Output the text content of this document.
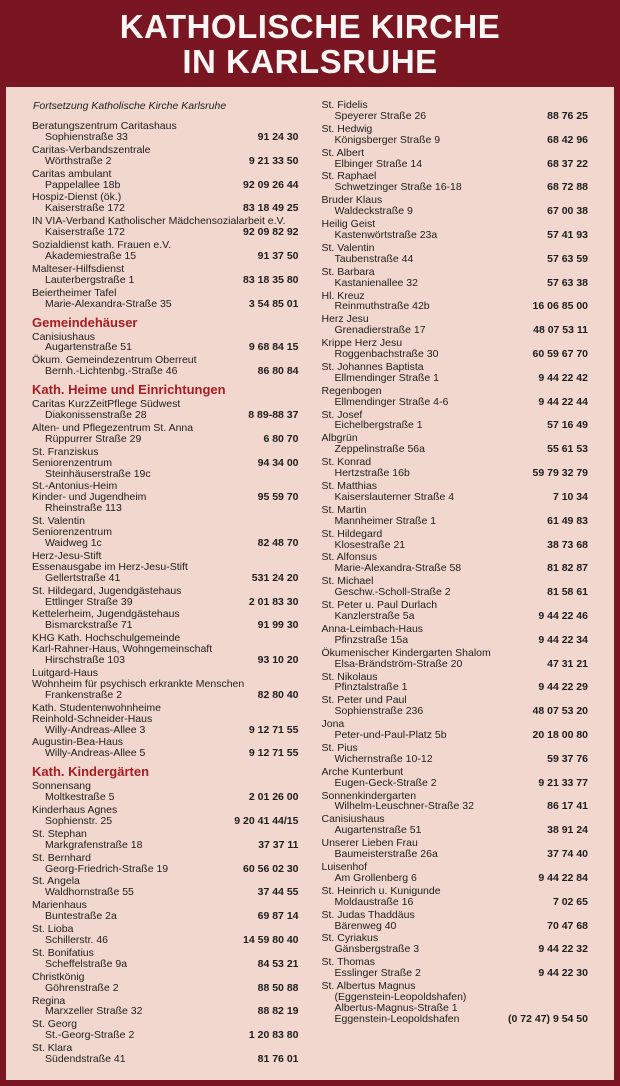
KATHOLISCHE KIRCHE
IN KARLSRUHE

Fortsetzung Katholische Kirche Karlsruhe

Beratungszentrum Caritashaus
Sophienstraße 33	91 24 30
Caritas-Verbandszentrale
Wörthstraße 2	9 21 33 50
Caritas ambulant
Pappelallee 18b	92 09 26 44
Hospiz-Dienst (ök.)
Kaiserstraße 172	83 18 49 25
IN VIA-Verband Katholischer Mädchensozialarbeit e.V.
Kaiserstraße 172	92 09 82 92
Sozialdienst kath. Frauen e.V.
Akademiestraße 15	91 37 50
Malteser-Hilfsdienst
Lauterbergstraße 1	83 18 35 80
Beiertheimer Tafel
Marie-Alexandra-Straße 35	3 54 85 01
Gemeindehäuser
Canisiushaus
Augartenstraße 51	9 68 84 15
Ökum. Gemeindezentrum Oberreut
Bernh.-Lichtenbg.-Straße 46	86 80 84
Kath. Heime und Einrichtungen
Caritas KurzZeitPflege Südwest
Diakonissenstraße 28	8 89-88 37
Alten- und Pflegezentrum St. Anna
Rüppurrer Straße 29	6 80 70
St. Franziskus
Seniorenzentrum	94 34 00
Steinhäuserstraße 19c
St.-Antonius-Heim
Kinder- und Jugendheim	95 59 70
Rheinstraße 113
St. Valentin
Seniorenzentrum
Waidweg 1c	82 48 70
Herz-Jesu-Stift
Essenausgabe im Herz-Jesu-Stift
Gellertstraße 41	531 24 20
St. Hildegard, Jugendgästehaus
Ettlinger Straße 39	2 01 83 30
Kettelerheim, Jugendgästehaus
Bismarckstraße 71	91 99 30
KHG Kath. Hochschulgemeinde
Karl-Rahner-Haus, Wohngemeinschaft
Hirschstraße 103	93 10 20
Luitgard-Haus
Wohnheim für psychisch erkrankte Menschen
Frankenstraße 2	82 80 40
Kath. Studentenwohnheime
Reinhold-Schneider-Haus
Willy-Andreas-Allee 3	9 12 71 55
Augustin-Bea-Haus
Willy-Andreas-Allee 5	9 12 71 55
Kath. Kindergärten
Sonnensang
Moltkestraße 5	2 01 26 00
Kinderhaus Agnes
Sophienstr. 25	9 20 41 44/15
St. Stephan
Markgrafenstraße 18	37 37 11
St. Bernhard
Georg-Friedrich-Straße 19	60 56 02 30
St. Angela
Waldhornstraße 55	37 44 55
Marienhaus
Buntestraße 2a	69 87 14
St. Lioba
Schillerstr. 46	14 59 80 40
St. Bonifatius
Scheffelstraße 9a	84 53 21
Christkönig
Göhrenstraße 2	88 50 88
Regina
Marxzeller Straße 32	88 82 19
St. Georg
St.-Georg-Straße 2	1 20 83 80
St. Klara
Südendstraße 41	81 76 01
St. Fidelis
Speyerer Straße 26	88 76 25
St. Hedwig
Königsberger Straße 9	68 42 96
St. Albert
Elbinger Straße 14	68 37 22
St. Raphael
Schwetzinger Straße 16-18	68 72 88
Bruder Klaus
Waldeckstraße 9	67 00 38
Heilig Geist
Kastenwörtstraße 23a	57 41 93
St. Valentin
Taubenstraße 44	57 63 59
St. Barbara
Kastanienallee 32	57 63 38
Hl. Kreuz
Reinmuthstraße 42b	16 06 85 00
Herz Jesu
Grenadierstraße 17	48 07 53 11
Krippe Herz Jesu
Roggenbachstraße 30	60 59 67 70
St. Johannes Baptista
Ellmendinger Straße 1	9 44 22 42
Regenbogen
Ellmendinger Straße 4-6	9 44 22 44
St. Josef
Eichelbergstraße 1	57 16 49
Albgrün
Zeppelinstraße 56a	55 61 53
St. Konrad
Hertzstraße 16b	59 79 32 79
St. Matthias
Kaiserslauterner Straße 4	7 10 34
St. Martin
Mannheimer Straße 1	61 49 83
St. Hildegard
Klosestraße 21	38 73 68
St. Alfonsus
Marie-Alexandra-Straße 58	81 82 87
St. Michael
Geschw.-Scholl-Straße 2	81 58 61
St. Peter u. Paul Durlach
Kanzlerstraße 5a	9 44 22 46
Anna-Leimbach-Haus
Pfinzstraße 15a	9 44 22 34
Ökumenischer Kindergarten Shalom
Elsa-Brändström-Straße 20	47 31 21
St. Nikolaus
Pfinztalstraße 1	9 44 22 29
St. Peter und Paul
Sophienstraße 236	48 07 53 20
Jona
Peter-und-Paul-Platz 5b	20 18 00 80
St. Pius
Wichernstraße 10-12	59 37 76
Arche Kunterbunt
Eugen-Geck-Straße 2	9 21 33 77
Sonnenkindergarten
Wilhelm-Leuschner-Straße 32	86 17 41
Canisiushaus
Augartenstraße 51	38 91 24
Unserer Lieben Frau
Baumeisterstraße 26a	37 74 40
Luisenhof
Am Grollenberg 6	9 44 22 84
St. Heinrich u. Kunigunde
Moldaustraße 16	7 02 65
St. Judas Thaddäus
Bärenweg 40	70 47 68
St. Cyriakus
Gänsbergstraße 3	9 44 22 32
St. Thomas
Esslinger Straße 2	9 44 22 30
St. Albertus Magnus
(Eggenstein-Leopoldshafen)
Albertus-Magnus-Straße 1
Eggenstein-Leopoldshafen	(0 72 47) 9 54 50
